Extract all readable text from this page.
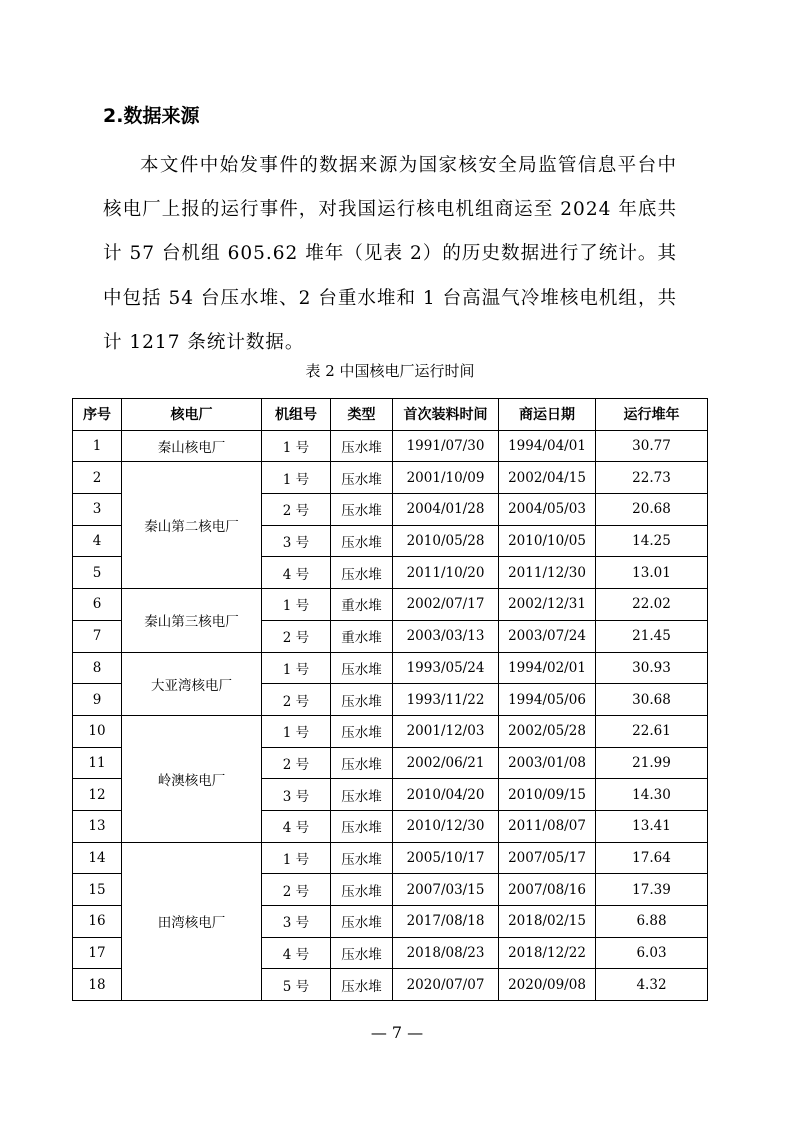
2.数据来源

本文件中始发事件的数据来源为国家核安全局监管信息平台中核电厂上报的运行事件，对我国运行核电机组商运至 2024 年底共计 57 台机组 605.62 堆年（见表 2）的历史数据进行了统计。其中包括 54 台压水堆、2 台重水堆和 1 台高温气冷堆核电机组，共计 1217 条统计数据。

表 2 中国核电厂运行时间
序号	核电厂	机组号	类型	首次装料时间	商运日期	运行堆年
1	秦山核电厂	1 号	压水堆	1991/07/30	1994/04/01	30.77
2	秦山第二核电厂	1 号	压水堆	2001/10/09	2002/04/15	22.73
3		2 号	压水堆	2004/01/28	2004/05/03	20.68
4		3 号	压水堆	2010/05/28	2010/10/05	14.25
5		4 号	压水堆	2011/10/20	2011/12/30	13.01
6	秦山第三核电厂	1 号	重水堆	2002/07/17	2002/12/31	22.02
7		2 号	重水堆	2003/03/13	2003/07/24	21.45
8	大亚湾核电厂	1 号	压水堆	1993/05/24	1994/02/01	30.93
9		2 号	压水堆	1993/11/22	1994/05/06	30.68
10	岭澳核电厂	1 号	压水堆	2001/12/03	2002/05/28	22.61
11		2 号	压水堆	2002/06/21	2003/01/08	21.99
12		3 号	压水堆	2010/04/20	2010/09/15	14.30
13		4 号	压水堆	2010/12/30	2011/08/07	13.41
14	田湾核电厂	1 号	压水堆	2005/10/17	2007/05/17	17.64
15		2 号	压水堆	2007/03/15	2007/08/16	17.39
16		3 号	压水堆	2017/08/18	2018/02/15	6.88
17		4 号	压水堆	2018/08/23	2018/12/22	6.03
18		5 号	压水堆	2020/07/07	2020/09/08	4.32
— 7 —
